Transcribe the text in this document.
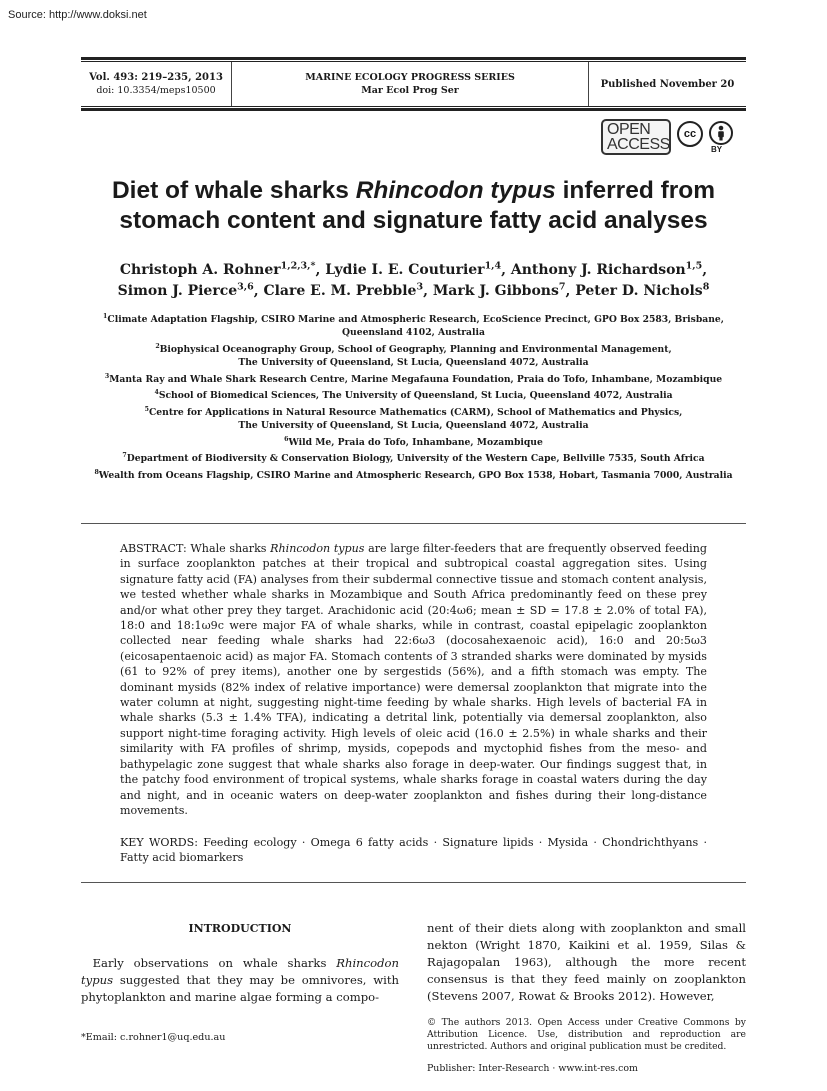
Source: http://www.doksi.net
Vol. 493: 219–235, 2013
doi: 10.3354/meps10500
MARINE ECOLOGY PROGRESS SERIES
Mar Ecol Prog Ser
Published November 20
OPEN
ACCESS
cc
BY
Diet of whale sharks Rhincodon typus inferred from
stomach content and signature fatty acid analyses
Christoph A. Rohner$^{1,2,3,*}$, Lydie I. E. Couturier$^{1,4}$, Anthony J. Richardson$^{1,5}$,
Simon J. Pierce$^{3,6}$, Clare E. M. Prebble$^3$, Mark J. Gibbons$^7$, Peter D. Nichols$^8$
$^1$Climate Adaptation Flagship, CSIRO Marine and Atmospheric Research, EcoScience Precinct, GPO Box 2583, Brisbane,
Queensland 4102, Australia
$^2$Biophysical Oceanography Group, School of Geography, Planning and Environmental Management,
The University of Queensland, St Lucia, Queensland 4072, Australia
$^3$Manta Ray and Whale Shark Research Centre, Marine Megafauna Foundation, Praia do Tofo, Inhambane, Mozambique
$^4$School of Biomedical Sciences, The University of Queensland, St Lucia, Queensland 4072, Australia
$^5$Centre for Applications in Natural Resource Mathematics (CARM), School of Mathematics and Physics,
The University of Queensland, St Lucia, Queensland 4072, Australia
$^6$Wild Me, Praia do Tofo, Inhambane, Mozambique
$^7$Department of Biodiversity & Conservation Biology, University of the Western Cape, Bellville 7535, South Africa
$^8$Wealth from Oceans Flagship, CSIRO Marine and Atmospheric Research, GPO Box 1538, Hobart, Tasmania 7000, Australia
ABSTRACT: Whale sharks Rhincodon typus are large filter-feeders that are frequently observed feeding in surface zooplankton patches at their tropical and subtropical coastal aggregation sites. Using signature fatty acid (FA) analyses from their subdermal connective tissue and stomach content analysis, we tested whether whale sharks in Mozambique and South Africa predominantly feed on these prey and/or what other prey they target. Arachidonic acid (20:4ω6; mean ± SD = 17.8 ± 2.0% of total FA), 18:0 and 18:1ω9c were major FA of whale sharks, while in contrast, coastal epipelagic zooplankton collected near feeding whale sharks had 22:6ω3 (docosahexaenoic acid), 16:0 and 20:5ω3 (eicosapentaenoic acid) as major FA. Stomach contents of 3 stranded sharks were dominated by mysids (61 to 92% of prey items), another one by sergestids (56%), and a fifth stomach was empty. The dominant mysids (82% index of relative importance) were demersal zooplankton that migrate into the water column at night, suggesting night-time feeding by whale sharks. High levels of bacterial FA in whale sharks (5.3 ± 1.4% TFA), indicating a detrital link, potentially via demersal zooplankton, also support night-time foraging activity. High levels of oleic acid (16.0 ± 2.5%) in whale sharks and their similarity with FA profiles of shrimp, mysids, copepods and myctophid fishes from the meso- and bathypelagic zone suggest that whale sharks also forage in deep-water. Our findings suggest that, in the patchy food environment of tropical systems, whale sharks forage in coastal waters during the day and night, and in oceanic waters on deep-water zooplankton and fishes during their long-distance movements.
KEY WORDS: Feeding ecology · Omega 6 fatty acids · Signature lipids · Mysida · Chondrichthyans · Fatty acid biomarkers
INTRODUCTION
 Early observations on whale sharks Rhincodon typus suggested that they may be omnivores, with phytoplankton and marine algae forming a compo-
nent of their diets along with zooplankton and small nekton (Wright 1870, Kaikini et al. 1959, Silas & Rajagopalan 1963), although the more recent consensus is that they feed mainly on zooplankton (Stevens 2007, Rowat & Brooks 2012). However,
*Email: c.rohner1@uq.edu.au
© The authors 2013. Open Access under Creative Commons by Attribution Licence. Use, distribution and reproduction are unrestricted. Authors and original publication must be credited.
Publisher: Inter-Research · www.int-res.com
